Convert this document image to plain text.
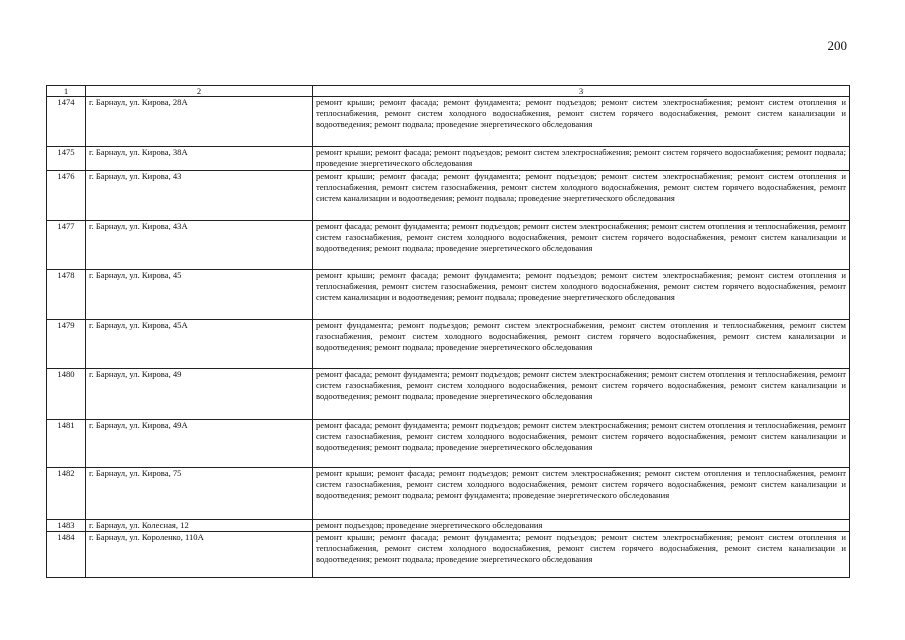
200
1	2	3
1474	г. Барнаул, ул. Кирова, 28А	ремонт крыши; ремонт фасада; ремонт фундамента; ремонт подъездов; ремонт систем электроснабжения; ремонт систем отопления и теплоснабжения, ремонт систем холодного водоснабжения, ремонт систем горячего водоснабжения, ремонт систем канализации и водоотведения; ремонт подвала; проведение энергетического обследования
1475	г. Барнаул, ул. Кирова, 38А	ремонт крыши; ремонт фасада; ремонт подъездов; ремонт систем электроснабжения; ремонт систем горячего водоснабжения; ремонт подвала; проведение энергетического обследования
1476	г. Барнаул, ул. Кирова, 43	ремонт крыши; ремонт фасада; ремонт фундамента; ремонт подъездов; ремонт систем электроснабжения; ремонт систем отопления и теплоснабжения, ремонт систем газоснабжения, ремонт систем холодного водоснабжения, ремонт систем горячего водоснабжения, ремонт систем канализации и водоотведения; ремонт подвала; проведение энергетического обследования
1477	г. Барнаул, ул. Кирова, 43А	ремонт фасада; ремонт фундамента; ремонт подъездов; ремонт систем электроснабжения; ремонт систем отопления и теплоснабжения, ремонт систем газоснабжения, ремонт систем холодного водоснабжения, ремонт систем горячего водоснабжения, ремонт систем канализации и водоотведения; ремонт подвала; проведение энергетического обследования
1478	г. Барнаул, ул. Кирова, 45	ремонт крыши; ремонт фасада; ремонт фундамента; ремонт подъездов; ремонт систем электроснабжения; ремонт систем отопления и теплоснабжения, ремонт систем газоснабжения, ремонт систем холодного водоснабжения, ремонт систем горячего водоснабжения, ремонт систем канализации и водоотведения; ремонт подвала; проведение энергетического обследования
1479	г. Барнаул, ул. Кирова, 45А	ремонт фундамента; ремонт подъездов; ремонт систем электроснабжения, ремонт систем отопления и теплоснабжения, ремонт систем газоснабжения, ремонт систем холодного водоснабжения, ремонт систем горячего водоснабжения, ремонт систем канализации и водоотведения; ремонт подвала; проведение энергетического обследования
1480	г. Барнаул, ул. Кирова, 49	ремонт фасада; ремонт фундамента; ремонт подъездов; ремонт систем электроснабжения; ремонт систем отопления и теплоснабжения, ремонт систем газоснабжения, ремонт систем холодного водоснабжения, ремонт систем горячего водоснабжения, ремонт систем канализации и водоотведения; ремонт подвала; проведение энергетического обследования
1481	г. Барнаул, ул. Кирова, 49А	ремонт фасада; ремонт фундамента; ремонт подъездов; ремонт систем электроснабжения; ремонт систем отопления и теплоснабжения, ремонт систем газоснабжения, ремонт систем холодного водоснабжения, ремонт систем горячего водоснабжения, ремонт систем канализации и водоотведения; ремонт подвала; проведение энергетического обследования
1482	г. Барнаул, ул. Кирова, 75	ремонт крыши; ремонт фасада; ремонт подъездов; ремонт систем электроснабжения; ремонт систем отопления и теплоснабжения, ремонт систем газоснабжения, ремонт систем холодного водоснабжения, ремонт систем горячего водоснабжения, ремонт систем канализации и водоотведения; ремонт подвала; ремонт фундамента; проведение энергетического обследования
1483	г. Барнаул, ул. Колесная, 12	ремонт подъездов; проведение энергетического обследования
1484	г. Барнаул, ул. Короленко, 110А	ремонт крыши; ремонт фасада; ремонт фундамента; ремонт подъездов; ремонт систем электроснабжения; ремонт систем отопления и теплоснабжения, ремонт систем холодного водоснабжения, ремонт систем горячего водоснабжения, ремонт систем канализации и водоотведения; ремонт подвала; проведение энергетического обследования
